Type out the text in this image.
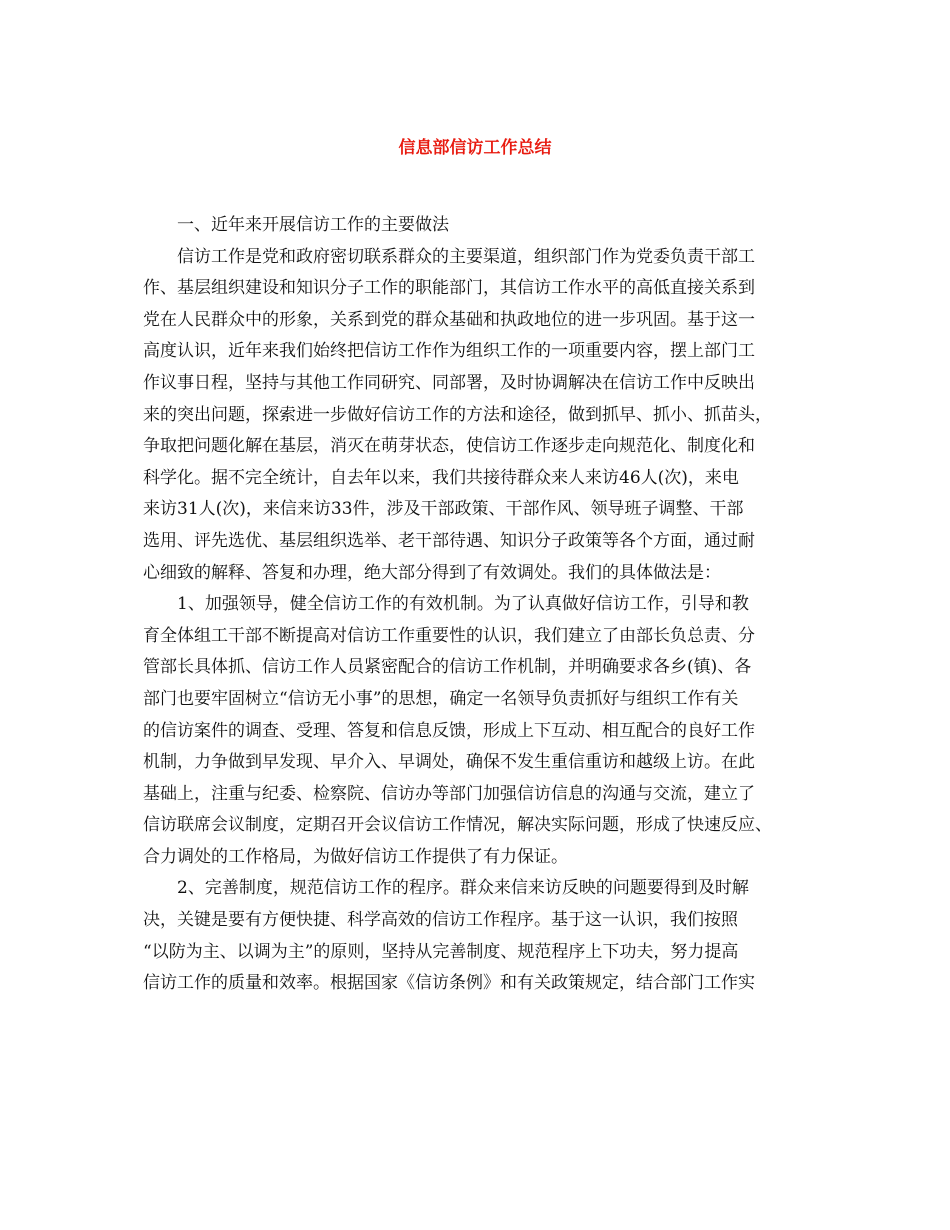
信息部信访工作总结
一、近年来开展信访工作的主要做法
信访工作是党和政府密切联系群众的主要渠道，组织部门作为党委负责干部工
作、基层组织建设和知识分子工作的职能部门，其信访工作水平的高低直接关系到
党在人民群众中的形象，关系到党的群众基础和执政地位的进一步巩固。基于这一
高度认识，近年来我们始终把信访工作作为组织工作的一项重要内容，摆上部门工
作议事日程，坚持与其他工作同研究、同部署，及时协调解决在信访工作中反映出
来的突出问题，探索进一步做好信访工作的方法和途径，做到抓早、抓小、抓苗头，
争取把问题化解在基层，消灭在萌芽状态，使信访工作逐步走向规范化、制度化和
科学化。据不完全统计，自去年以来，我们共接待群众来人来访46人(次)，来电
来访31人(次)，来信来访33件，涉及干部政策、干部作风、领导班子调整、干部
选用、评先选优、基层组织选举、老干部待遇、知识分子政策等各个方面，通过耐
心细致的解释、答复和办理，绝大部分得到了有效调处。我们的具体做法是：
1、加强领导，健全信访工作的有效机制。为了认真做好信访工作，引导和教
育全体组工干部不断提高对信访工作重要性的认识，我们建立了由部长负总责、分
管部长具体抓、信访工作人员紧密配合的信访工作机制，并明确要求各乡(镇)、各
部门也要牢固树立“信访无小事”的思想，确定一名领导负责抓好与组织工作有关
的信访案件的调查、受理、答复和信息反馈，形成上下互动、相互配合的良好工作
机制，力争做到早发现、早介入、早调处，确保不发生重信重访和越级上访。在此
基础上，注重与纪委、检察院、信访办等部门加强信访信息的沟通与交流，建立了
信访联席会议制度，定期召开会议信访工作情况，解决实际问题，形成了快速反应、
合力调处的工作格局，为做好信访工作提供了有力保证。
2、完善制度，规范信访工作的程序。群众来信来访反映的问题要得到及时解
决，关键是要有方便快捷、科学高效的信访工作程序。基于这一认识，我们按照
“以防为主、以调为主”的原则，坚持从完善制度、规范程序上下功夫，努力提高
信访工作的质量和效率。根据国家《信访条例》和有关政策规定，结合部门工作实
